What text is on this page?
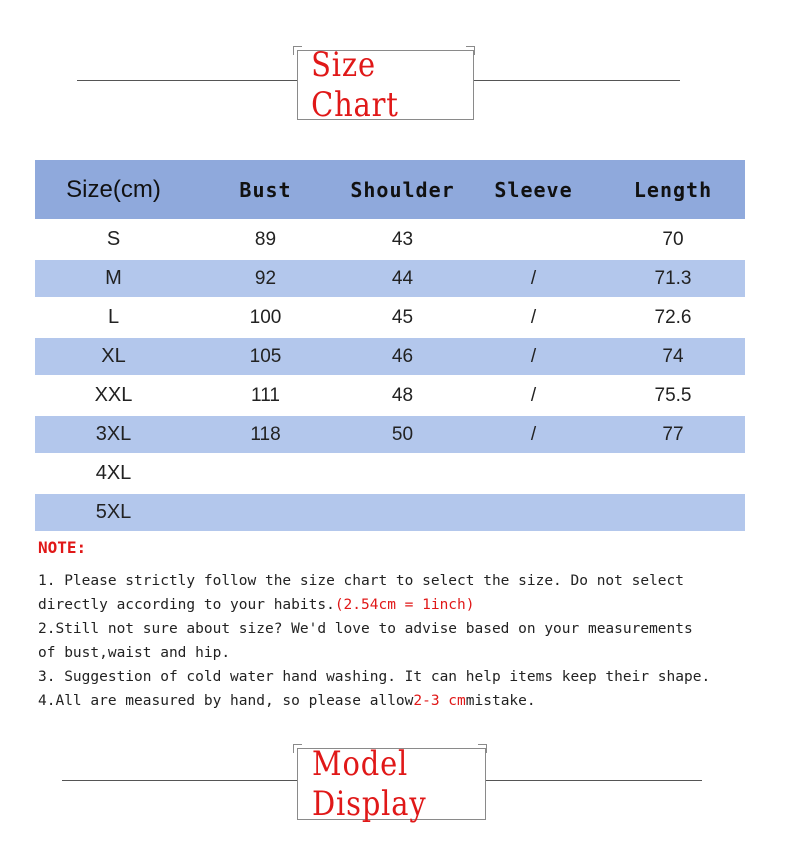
Size Chart
Size(cm)	Bust	Shoulder	Sleeve	Length
S	89	43		70
M	92	44	/	71.3
L	100	45	/	72.6
XL	105	46	/	74
XXL	111	48	/	75.5
3XL	118	50	/	77
4XL				
5XL				
NOTE:
1. Please strictly follow the size chart to select the size. Do not select
directly according to your habits.(2.54cm = 1inch)
2.Still not sure about size? We'd love to advise based on your measurements
of bust,waist and hip.
3. Suggestion of cold water hand washing. It can help items keep their shape.
4.All are measured by hand, so please allow2-3 cmmistake.
Model Display
